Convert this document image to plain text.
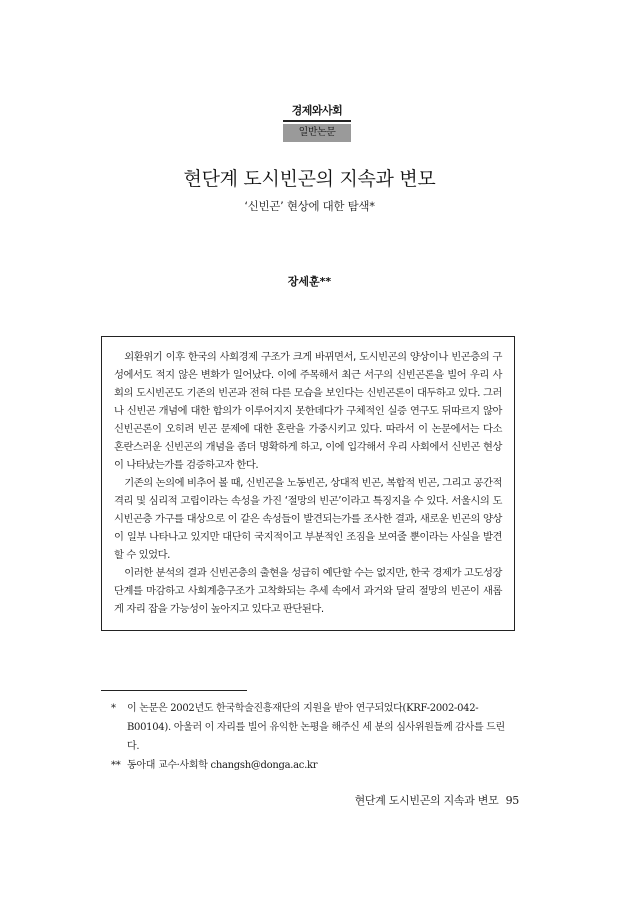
경제와사회
일반논문
현단계 도시빈곤의 지속과 변모
‘신빈곤’ 현상에 대한 탐색*
장세훈**

외환위기 이후 한국의 사회경제 구조가 크게 바뀌면서, 도시빈곤의 양상이나 빈곤층의 구성에서도 적지 않은 변화가 일어났다. 이에 주목해서 최근 서구의 신빈곤론을 빌어 우리 사회의 도시빈곤도 기존의 빈곤과 전혀 다른 모습을 보인다는 신빈곤론이 대두하고 있다. 그러나 신빈곤 개념에 대한 합의가 이루어지지 못한데다가 구체적인 실증 연구도 뒤따르지 않아 신빈곤론이 오히려 빈곤 문제에 대한 혼란을 가중시키고 있다. 따라서 이 논문에서는 다소 혼란스러운 신빈곤의 개념을 좀더 명확하게 하고, 이에 입각해서 우리 사회에서 신빈곤 현상이 나타났는가를 검증하고자 한다.

기존의 논의에 비추어 볼 때, 신빈곤을 노동빈곤, 상대적 빈곤, 복합적 빈곤, 그리고 공간적 격리 및 심리적 고립이라는 속성을 가진 ‘절망의 빈곤’이라고 특징지을 수 있다. 서울시의 도시빈곤층 가구를 대상으로 이 같은 속성들이 발견되는가를 조사한 결과, 새로운 빈곤의 양상이 일부 나타나고 있지만 대단히 국지적이고 부분적인 조짐을 보여줄 뿐이라는 사실을 발견할 수 있었다.

이러한 분석의 결과 신빈곤층의 출현을 성급히 예단할 수는 없지만, 한국 경제가 고도성장 단계를 마감하고 사회계층구조가 고착화되는 추세 속에서 과거와 달리 절망의 빈곤이 새롭게 자리 잡을 가능성이 높아지고 있다고 판단된다.

* 이 논문은 2002년도 한국학술진흥재단의 지원을 받아 연구되었다(KRF-2002-042-B00104). 아울러 이 자리를 빌어 유익한 논평을 해주신 세 분의 심사위원들께 감사를 드린다.

** 동아대 교수·사회학 changsh@donga.ac.kr

현단계 도시빈곤의 지속과 변모 95
